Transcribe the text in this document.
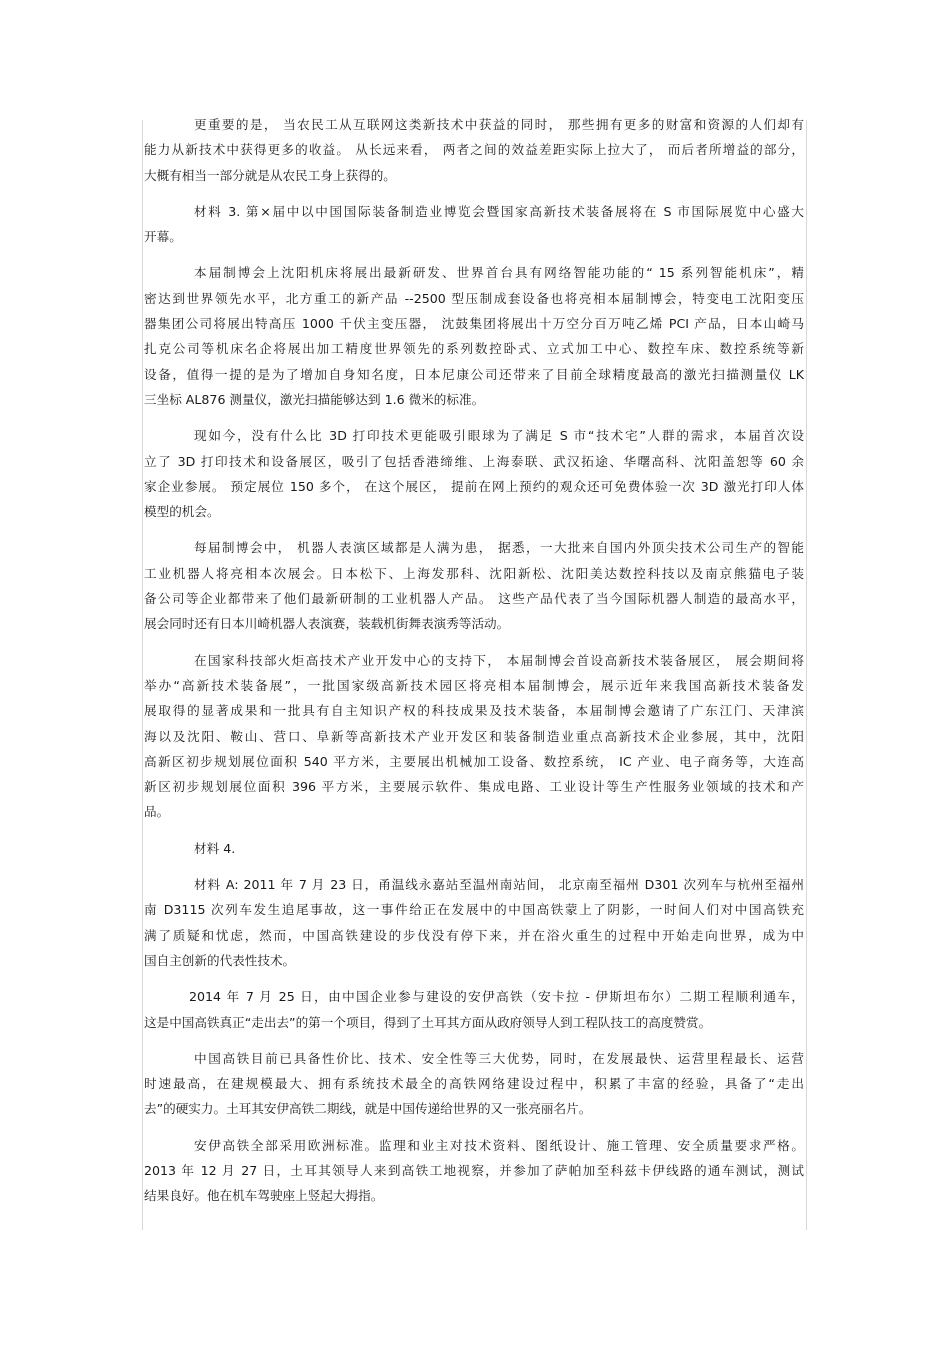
更重要的是， 当农民工从互联网这类新技术中获益的同时， 那些拥有更多的财富和资源的人们却有
能力从新技术中获得更多的收益。 从长远来看， 两者之间的效益差距实际上拉大了， 而后者所增益的部分，
大概有相当一部分就是从农民工身上获得的。
材料 3. 第×届中以中国国际装备制造业博览会暨国家高新技术装备展将在 S 市国际展览中心盛大
开幕。
本届制博会上沈阳机床将展出最新研发、世界首台具有网络智能功能的“ 15 系列智能机床”，精
密达到世界领先水平，北方重工的新产品 --2500 型压制成套设备也将亮相本届制博会，特变电工沈阳变压
器集团公司将展出特高压 1000 千伏主变压器， 沈鼓集团将展出十万空分百万吨乙烯 PCI 产品，日本山崎马
扎克公司等机床名企将展出加工精度世界领先的系列数控卧式、立式加工中心、数控车床、数控系统等新
设备，值得一提的是为了增加自身知名度，日本尼康公司还带来了目前全球精度最高的激光扫描测量仪 LK
三坐标 AL876 测量仪，激光扫描能够达到 1.6 微米的标准。
现如今，没有什么比 3D 打印技术更能吸引眼球为了满足 S 市“技术宅”人群的需求，本届首次设
立了 3D 打印技术和设备展区，吸引了包括香港缔维、上海泰联、武汉拓途、华曙高科、沈阳盖恕等 60 余
家企业参展。 预定展位 150 多个， 在这个展区， 提前在网上预约的观众还可免费体验一次 3D 激光打印人体
模型的机会。
每届制博会中， 机器人表演区域都是人满为患， 据悉，一大批来自国内外顶尖技术公司生产的智能
工业机器人将亮相本次展会。日本松下、上海发那科、沈阳新松、沈阳美达数控科技以及南京熊猫电子装
备公司等企业都带来了他们最新研制的工业机器人产品。 这些产品代表了当今国际机器人制造的最高水平，
展会同时还有日本川崎机器人表演赛，装载机街舞表演秀等活动。
在国家科技部火炬高技术产业开发中心的支持下， 本届制博会首设高新技术装备展区， 展会期间将
举办“高新技术装备展”，一批国家级高新技术园区将亮相本届制博会，展示近年来我国高新技术装备发
展取得的显著成果和一批具有自主知识产权的科技成果及技术装备，本届制博会邀请了广东江门、天津滨
海以及沈阳、鞍山、营口、阜新等高新技术产业开发区和装备制造业重点高新技术企业参展，其中，沈阳
高新区初步规划展位面积 540 平方米，主要展出机械加工设备、数控系统， IC 产业、电子商务等，大连高
新区初步规划展位面积 396 平方米，主要展示软件、集成电路、工业设计等生产性服务业领域的技术和产
品。
材料 4.
材料 A: 2011 年 7 月 23 日，甬温线永嘉站至温州南站间， 北京南至福州 D301 次列车与杭州至福州
南 D3115 次列车发生追尾事故，这一事件给正在发展中的中国高铁蒙上了阴影，一时间人们对中国高铁充
满了质疑和忧虑，然而，中国高铁建设的步伐没有停下来，并在浴火重生的过程中开始走向世界，成为中
国自主创新的代表性技术。
2014 年 7 月 25 日，由中国企业参与建设的安伊高铁（安卡拉 - 伊斯坦布尔）二期工程顺利通车，
这是中国高铁真正“走出去”的第一个项目，得到了土耳其方面从政府领导人到工程队技工的高度赞赏。
中国高铁目前已具备性价比、技术、安全性等三大优势，同时，在发展最快、运营里程最长、运营
时速最高，在建规模最大、拥有系统技术最全的高铁网络建设过程中，积累了丰富的经验，具备了“走出
去”的硬实力。土耳其安伊高铁二期线，就是中国传递给世界的又一张亮丽名片。
安伊高铁全部采用欧洲标准。监理和业主对技术资料、图纸设计、施工管理、安全质量要求严格。
2013 年 12 月 27 日，土耳其领导人来到高铁工地视察，并参加了萨帕加至科兹卡伊线路的通车测试，测试
结果良好。他在机车驾驶座上竖起大拇指。
